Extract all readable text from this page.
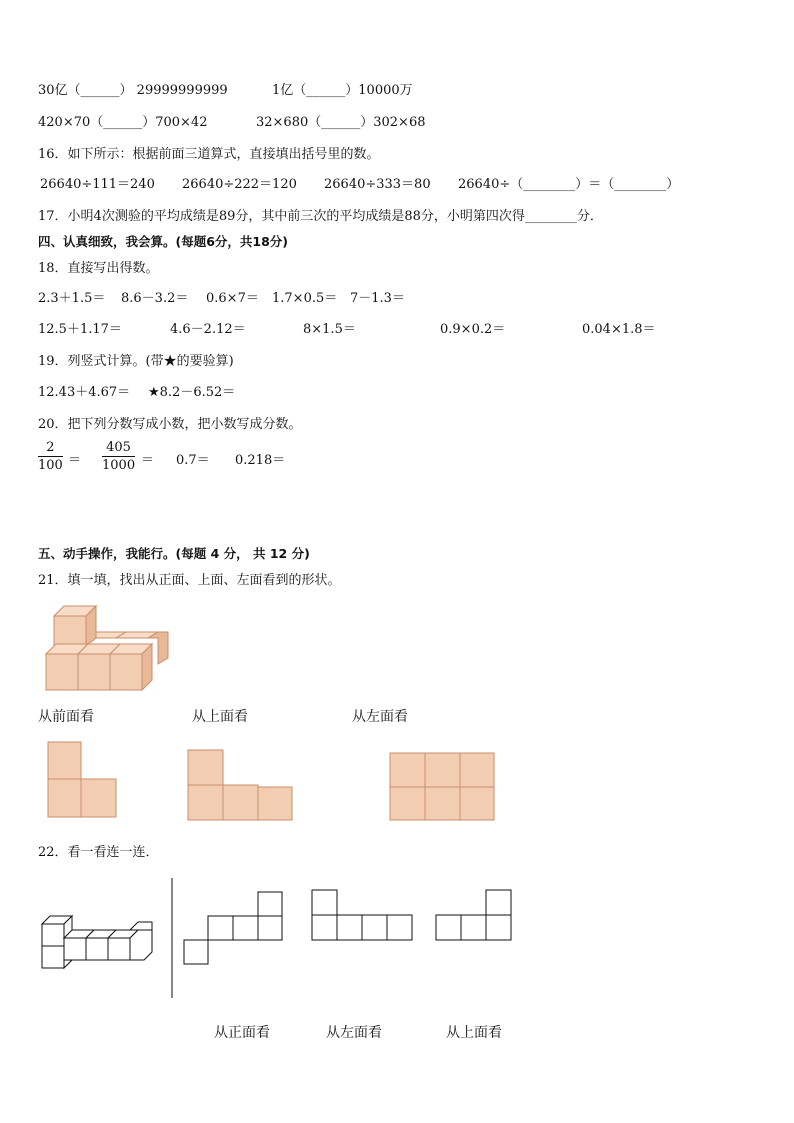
30亿（______） 29999999999	1亿（______）10000万
420×70（______）700×42	32×680（______）302×68
16．如下所示：根据前面三道算式，直接填出括号里的数。
26640÷111＝240 26640÷222＝120 26640÷333＝80 26640÷（________）＝（________）
17．小明4次测验的平均成绩是89分，其中前三次的平均成绩是88分，小明第四次得________分．
四、认真细致，我会算。(每题6分，共18分)
18．直接写出得数。
2.3＋1.5＝ 8.6－3.2＝ 0.6×7＝ 1.7×0.5＝ 7－1.3＝
12.5＋1.17＝	4.6－2.12＝	8×1.5＝	0.9×0.2＝	0.04×1.8＝
19．列竖式计算。(带★的要验算)
12.43＋4.67＝ ★8.2－6.52＝
20．把下列分数写成小数，把小数写成分数。
$\frac{2}{100} = \frac{405}{1000} = 0.7= 0.218=$
五、动手操作，我能行。(每题 4 分， 共 12 分)
21．填一填，找出从正面、上面、左面看到的形状。
从前面看	从上面看	从左面看
22．看一看连一连．
从正面看	从左面看	从上面看
